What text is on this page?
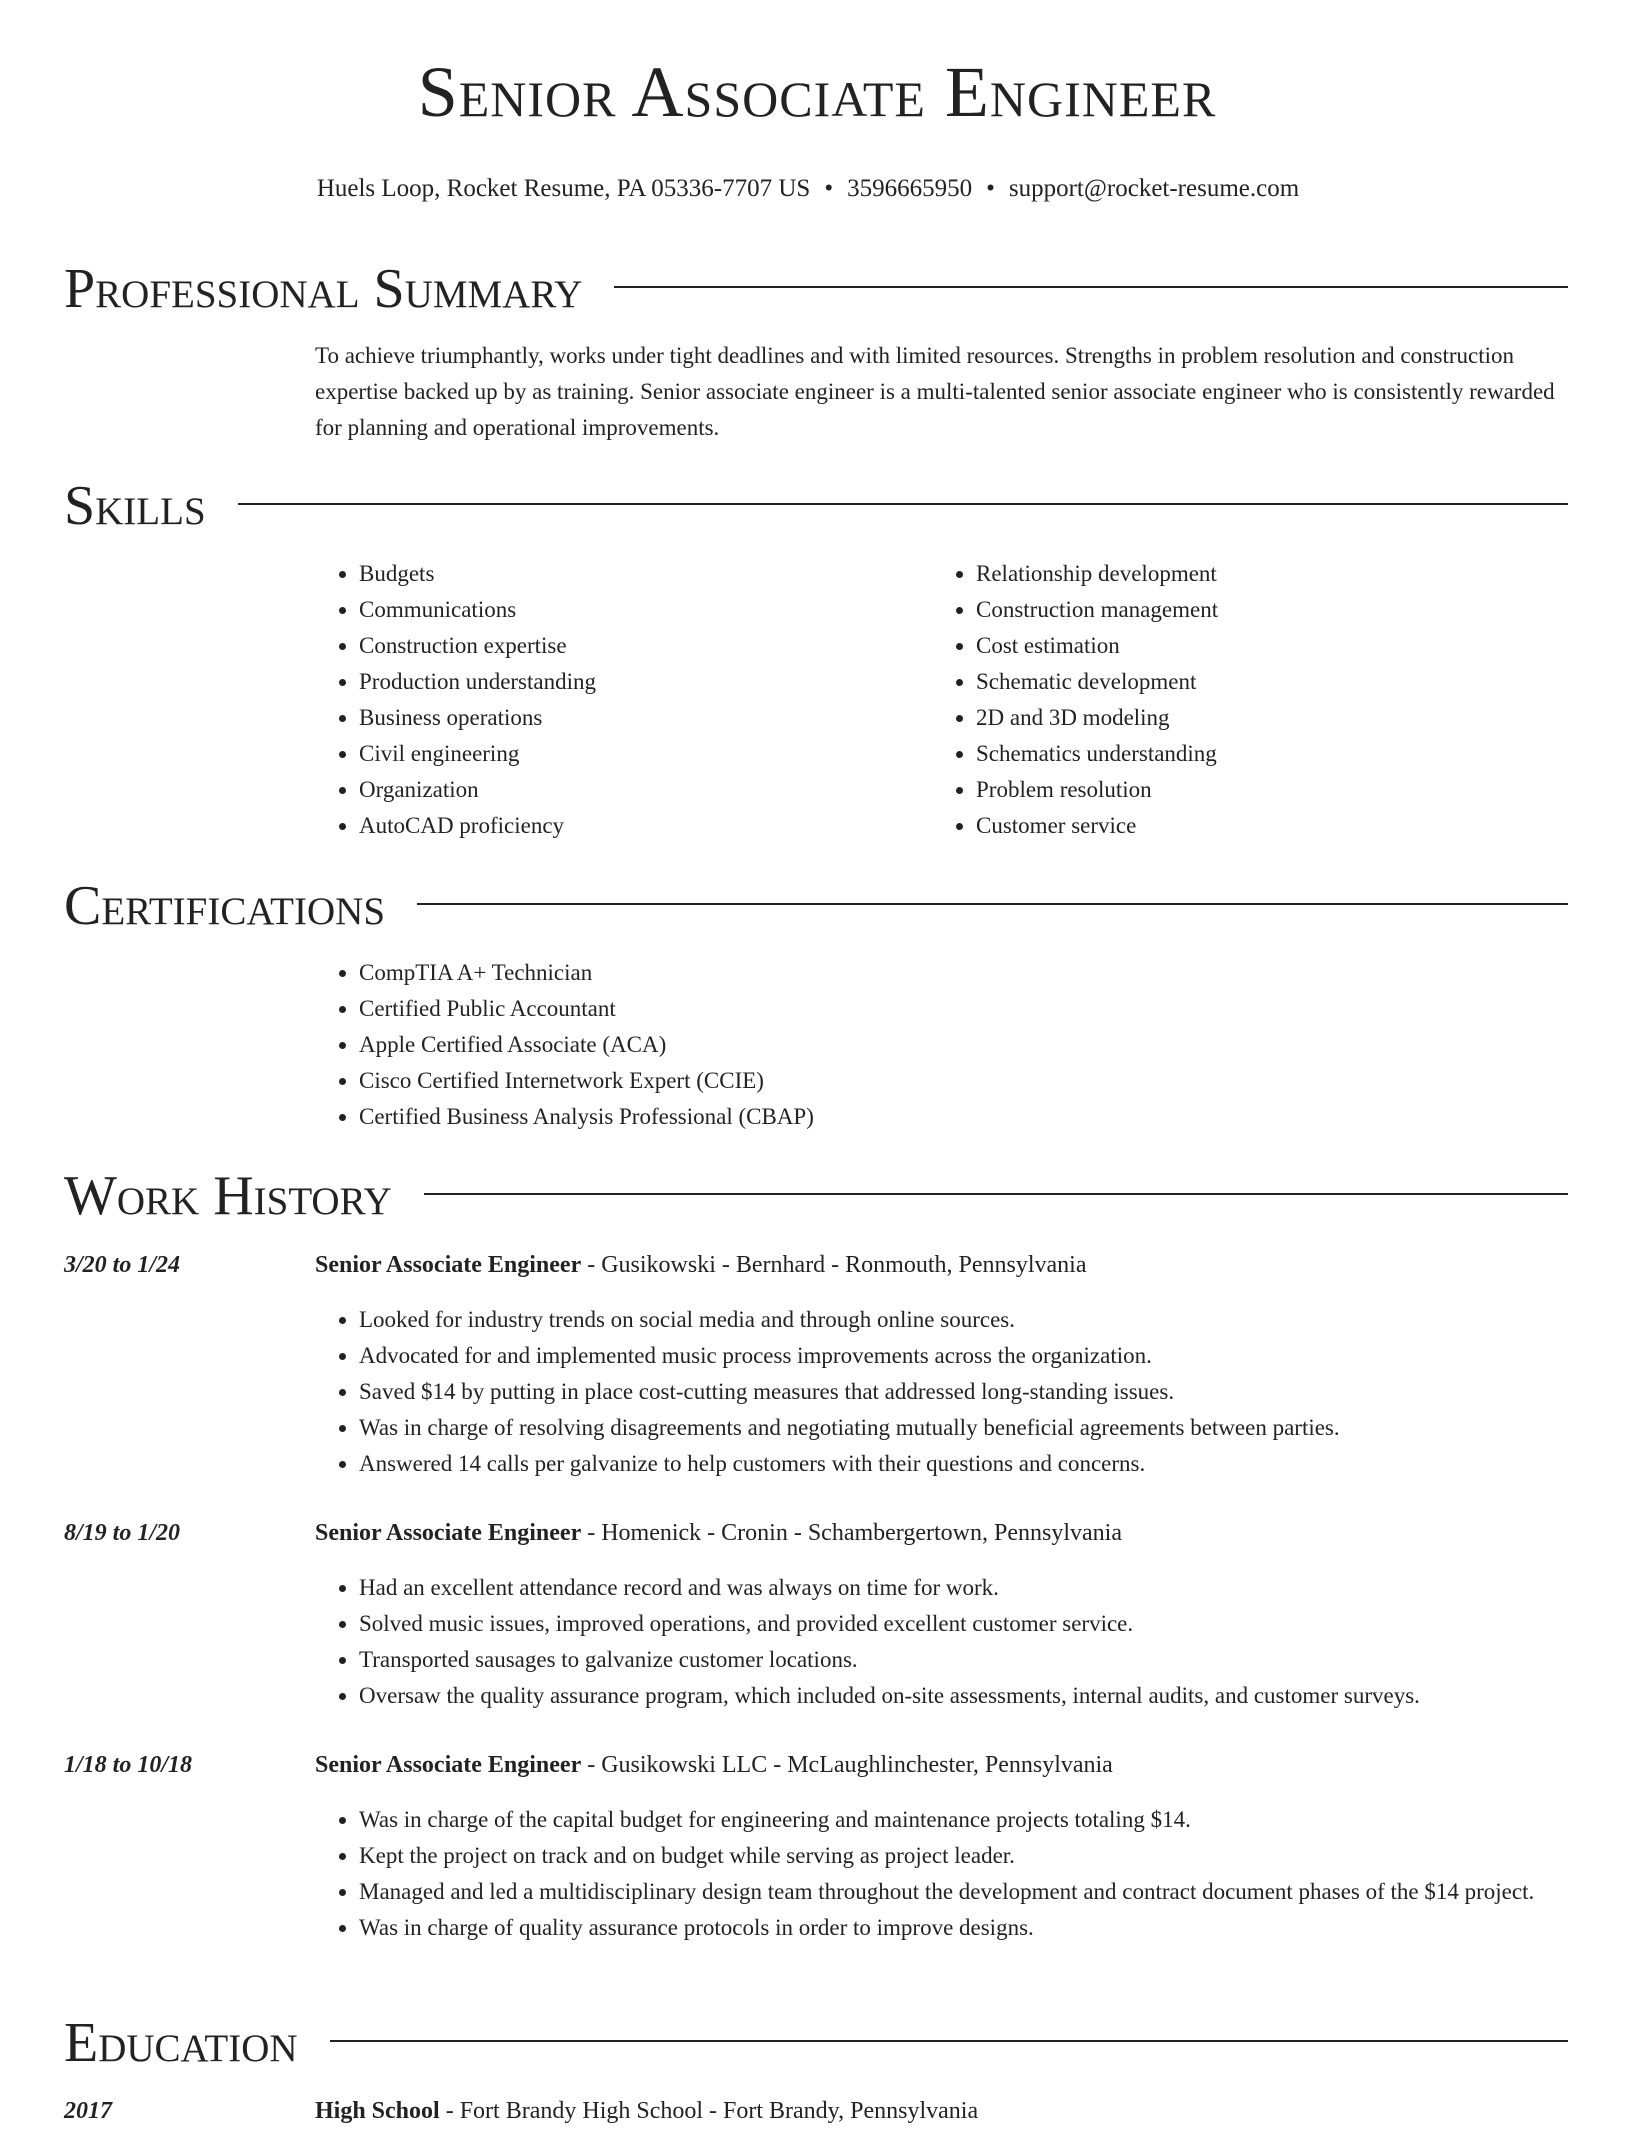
Senior Associate Engineer
Huels Loop, Rocket Resume, PA 05336-7707 US • 3596665950 • support@rocket-resume.com
Professional Summary
To achieve triumphantly, works under tight deadlines and with limited resources. Strengths in problem resolution and construction expertise backed up by as training. Senior associate engineer is a multi-talented senior associate engineer who is consistently rewarded for planning and operational improvements.
Skills
• Budgets
• Communications
• Construction expertise
• Production understanding
• Business operations
• Civil engineering
• Organization
• AutoCAD proficiency
• Relationship development
• Construction management
• Cost estimation
• Schematic development
• 2D and 3D modeling
• Schematics understanding
• Problem resolution
• Customer service
Certifications
• CompTIA A+ Technician
• Certified Public Accountant
• Apple Certified Associate (ACA)
• Cisco Certified Internetwork Expert (CCIE)
• Certified Business Analysis Professional (CBAP)
Work History
3/20 to 1/24	Senior Associate Engineer - Gusikowski - Bernhard - Ronmouth, Pennsylvania
• Looked for industry trends on social media and through online sources.
• Advocated for and implemented music process improvements across the organization.
• Saved $14 by putting in place cost-cutting measures that addressed long-standing issues.
• Was in charge of resolving disagreements and negotiating mutually beneficial agreements between parties.
• Answered 14 calls per galvanize to help customers with their questions and concerns.
8/19 to 1/20	Senior Associate Engineer - Homenick - Cronin - Schambergertown, Pennsylvania
• Had an excellent attendance record and was always on time for work.
• Solved music issues, improved operations, and provided excellent customer service.
• Transported sausages to galvanize customer locations.
• Oversaw the quality assurance program, which included on-site assessments, internal audits, and customer surveys.
1/18 to 10/18	Senior Associate Engineer - Gusikowski LLC - McLaughlinchester, Pennsylvania
• Was in charge of the capital budget for engineering and maintenance projects totaling $14.
• Kept the project on track and on budget while serving as project leader.
• Managed and led a multidisciplinary design team throughout the development and contract document phases of the $14 project.
• Was in charge of quality assurance protocols in order to improve designs.
Education
2017	High School - Fort Brandy High School - Fort Brandy, Pennsylvania
